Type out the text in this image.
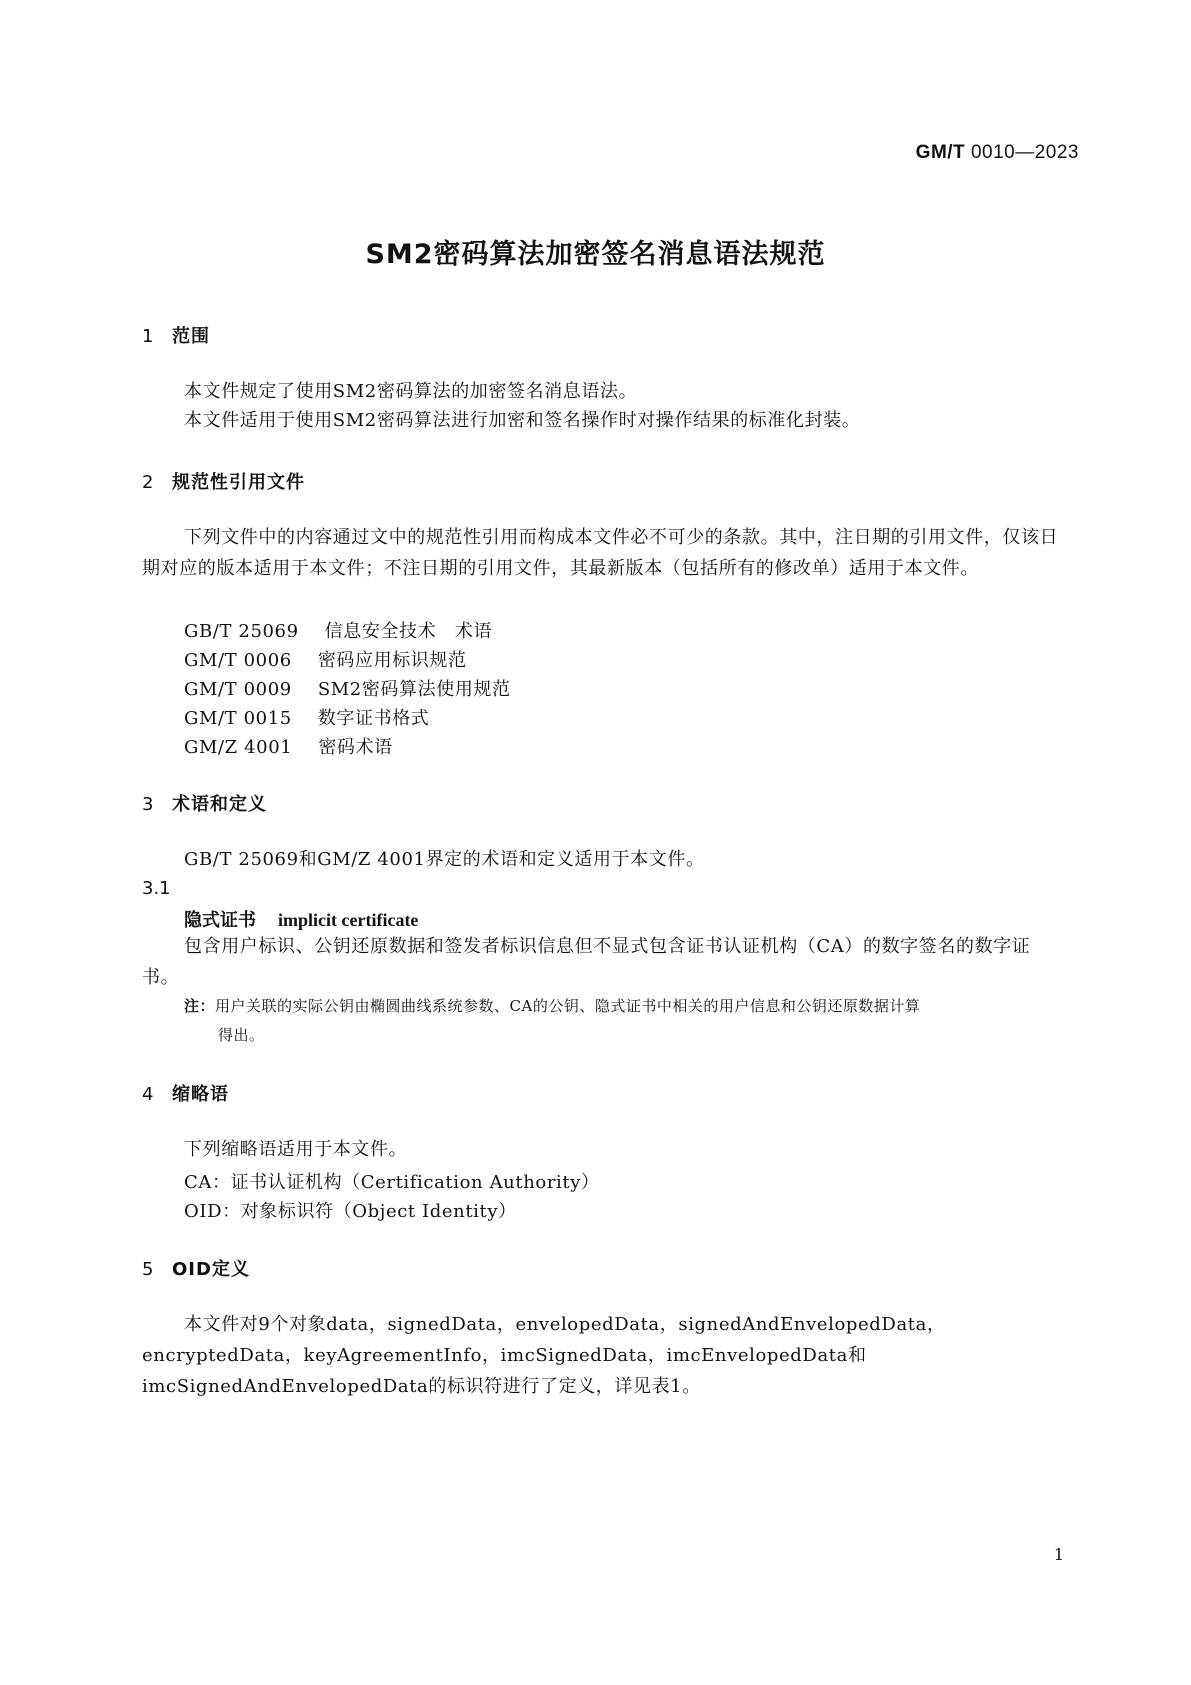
GM/T 0010—2023
SM2密码算法加密签名消息语法规范
1 范围
本文件规定了使用SM2密码算法的加密签名消息语法。
本文件适用于使用SM2密码算法进行加密和签名操作时对操作结果的标准化封装。
2 规范性引用文件
下列文件中的内容通过文中的规范性引用而构成本文件必不可少的条款。其中，注日期的引用文件，仅该日期对应的版本适用于本文件；不注日期的引用文件，其最新版本（包括所有的修改单）适用于本文件。
GB/T 25069 信息安全技术　术语
GM/T 0006 密码应用标识规范
GM/T 0009 SM2密码算法使用规范
GM/T 0015 数字证书格式
GM/Z 4001 密码术语
3 术语和定义
GB/T 25069和GM/Z 4001界定的术语和定义适用于本文件。
3.1
隐式证书 implicit certificate
包含用户标识、公钥还原数据和签发者标识信息但不显式包含证书认证机构（CA）的数字签名的数字证书。
注：用户关联的实际公钥由椭圆曲线系统参数、CA的公钥、隐式证书中相关的用户信息和公钥还原数据计算
得出。
4 缩略语
下列缩略语适用于本文件。
CA：证书认证机构（Certification Authority）
OID：对象标识符（Object Identity）
5 OID定义
本文件对9个对象data，signedData，envelopedData，signedAndEnvelopedData，encryptedData，keyAgreementInfo，imcSignedData，imcEnvelopedData和imcSignedAndEnvelopedData的标识符进行了定义，详见表1。
1
